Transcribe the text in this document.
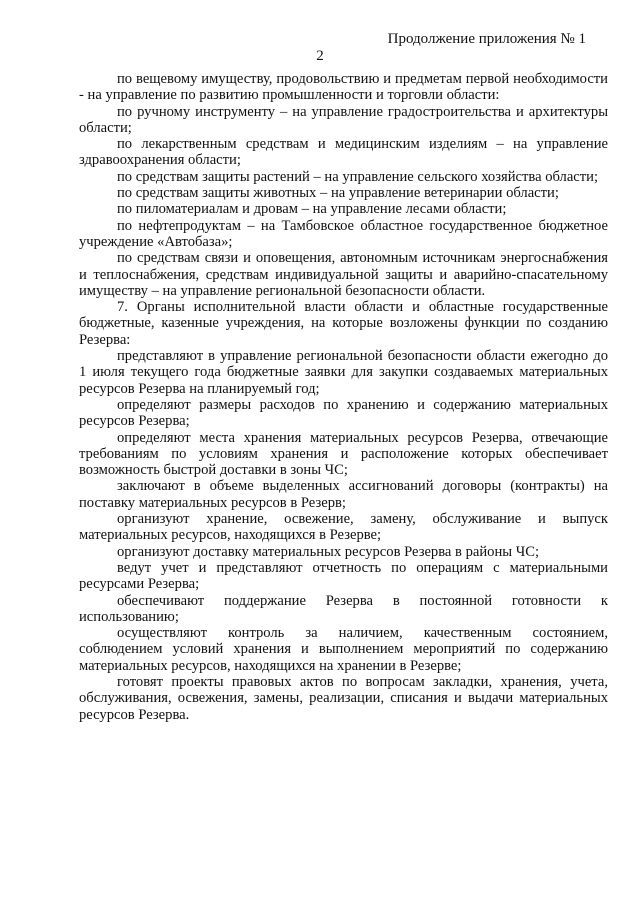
Продолжение приложения № 1
2

по вещевому имуществу, продовольствию и предметам первой необходимости - на управление по развитию промышленности и торговли области:

по ручному инструменту – на управление градостроительства и архитектуры области;

по лекарственным средствам и медицинским изделиям – на управление здравоохранения области;

по средствам защиты растений – на управление сельского хозяйства области;

по средствам защиты животных – на управление ветеринарии области;

по пиломатериалам и дровам – на управление лесами области;

по нефтепродуктам – на Тамбовское областное государственное бюджетное учреждение «Автобаза»;

по средствам связи и оповещения, автономным источникам энергоснабжения и теплоснабжения, средствам индивидуальной защиты и аварийно-спасательному имуществу – на управление региональной безопасности области.

7. Органы исполнительной власти области и областные государственные бюджетные, казенные учреждения, на которые возложены функции по созданию Резерва:

представляют в управление региональной безопасности области ежегодно до 1 июля текущего года бюджетные заявки для закупки создаваемых материальных ресурсов Резерва на планируемый год;

определяют размеры расходов по хранению и содержанию материальных ресурсов Резерва;

определяют места хранения материальных ресурсов Резерва, отвечающие требованиям по условиям хранения и расположение которых обеспечивает возможность быстрой доставки в зоны ЧС;

заключают в объеме выделенных ассигнований договоры (контракты) на поставку материальных ресурсов в Резерв;

организуют хранение, освежение, замену, обслуживание и выпуск материальных ресурсов, находящихся в Резерве;

организуют доставку материальных ресурсов Резерва в районы ЧС;

ведут учет и представляют отчетность по операциям с материальными ресурсами Резерва;

обеспечивают поддержание Резерва в постоянной готовности к использованию;

осуществляют контроль за наличием, качественным состоянием, соблюдением условий хранения и выполнением мероприятий по содержанию материальных ресурсов, находящихся на хранении в Резерве;

готовят проекты правовых актов по вопросам закладки, хранения, учета, обслуживания, освежения, замены, реализации, списания и выдачи материальных ресурсов Резерва.
